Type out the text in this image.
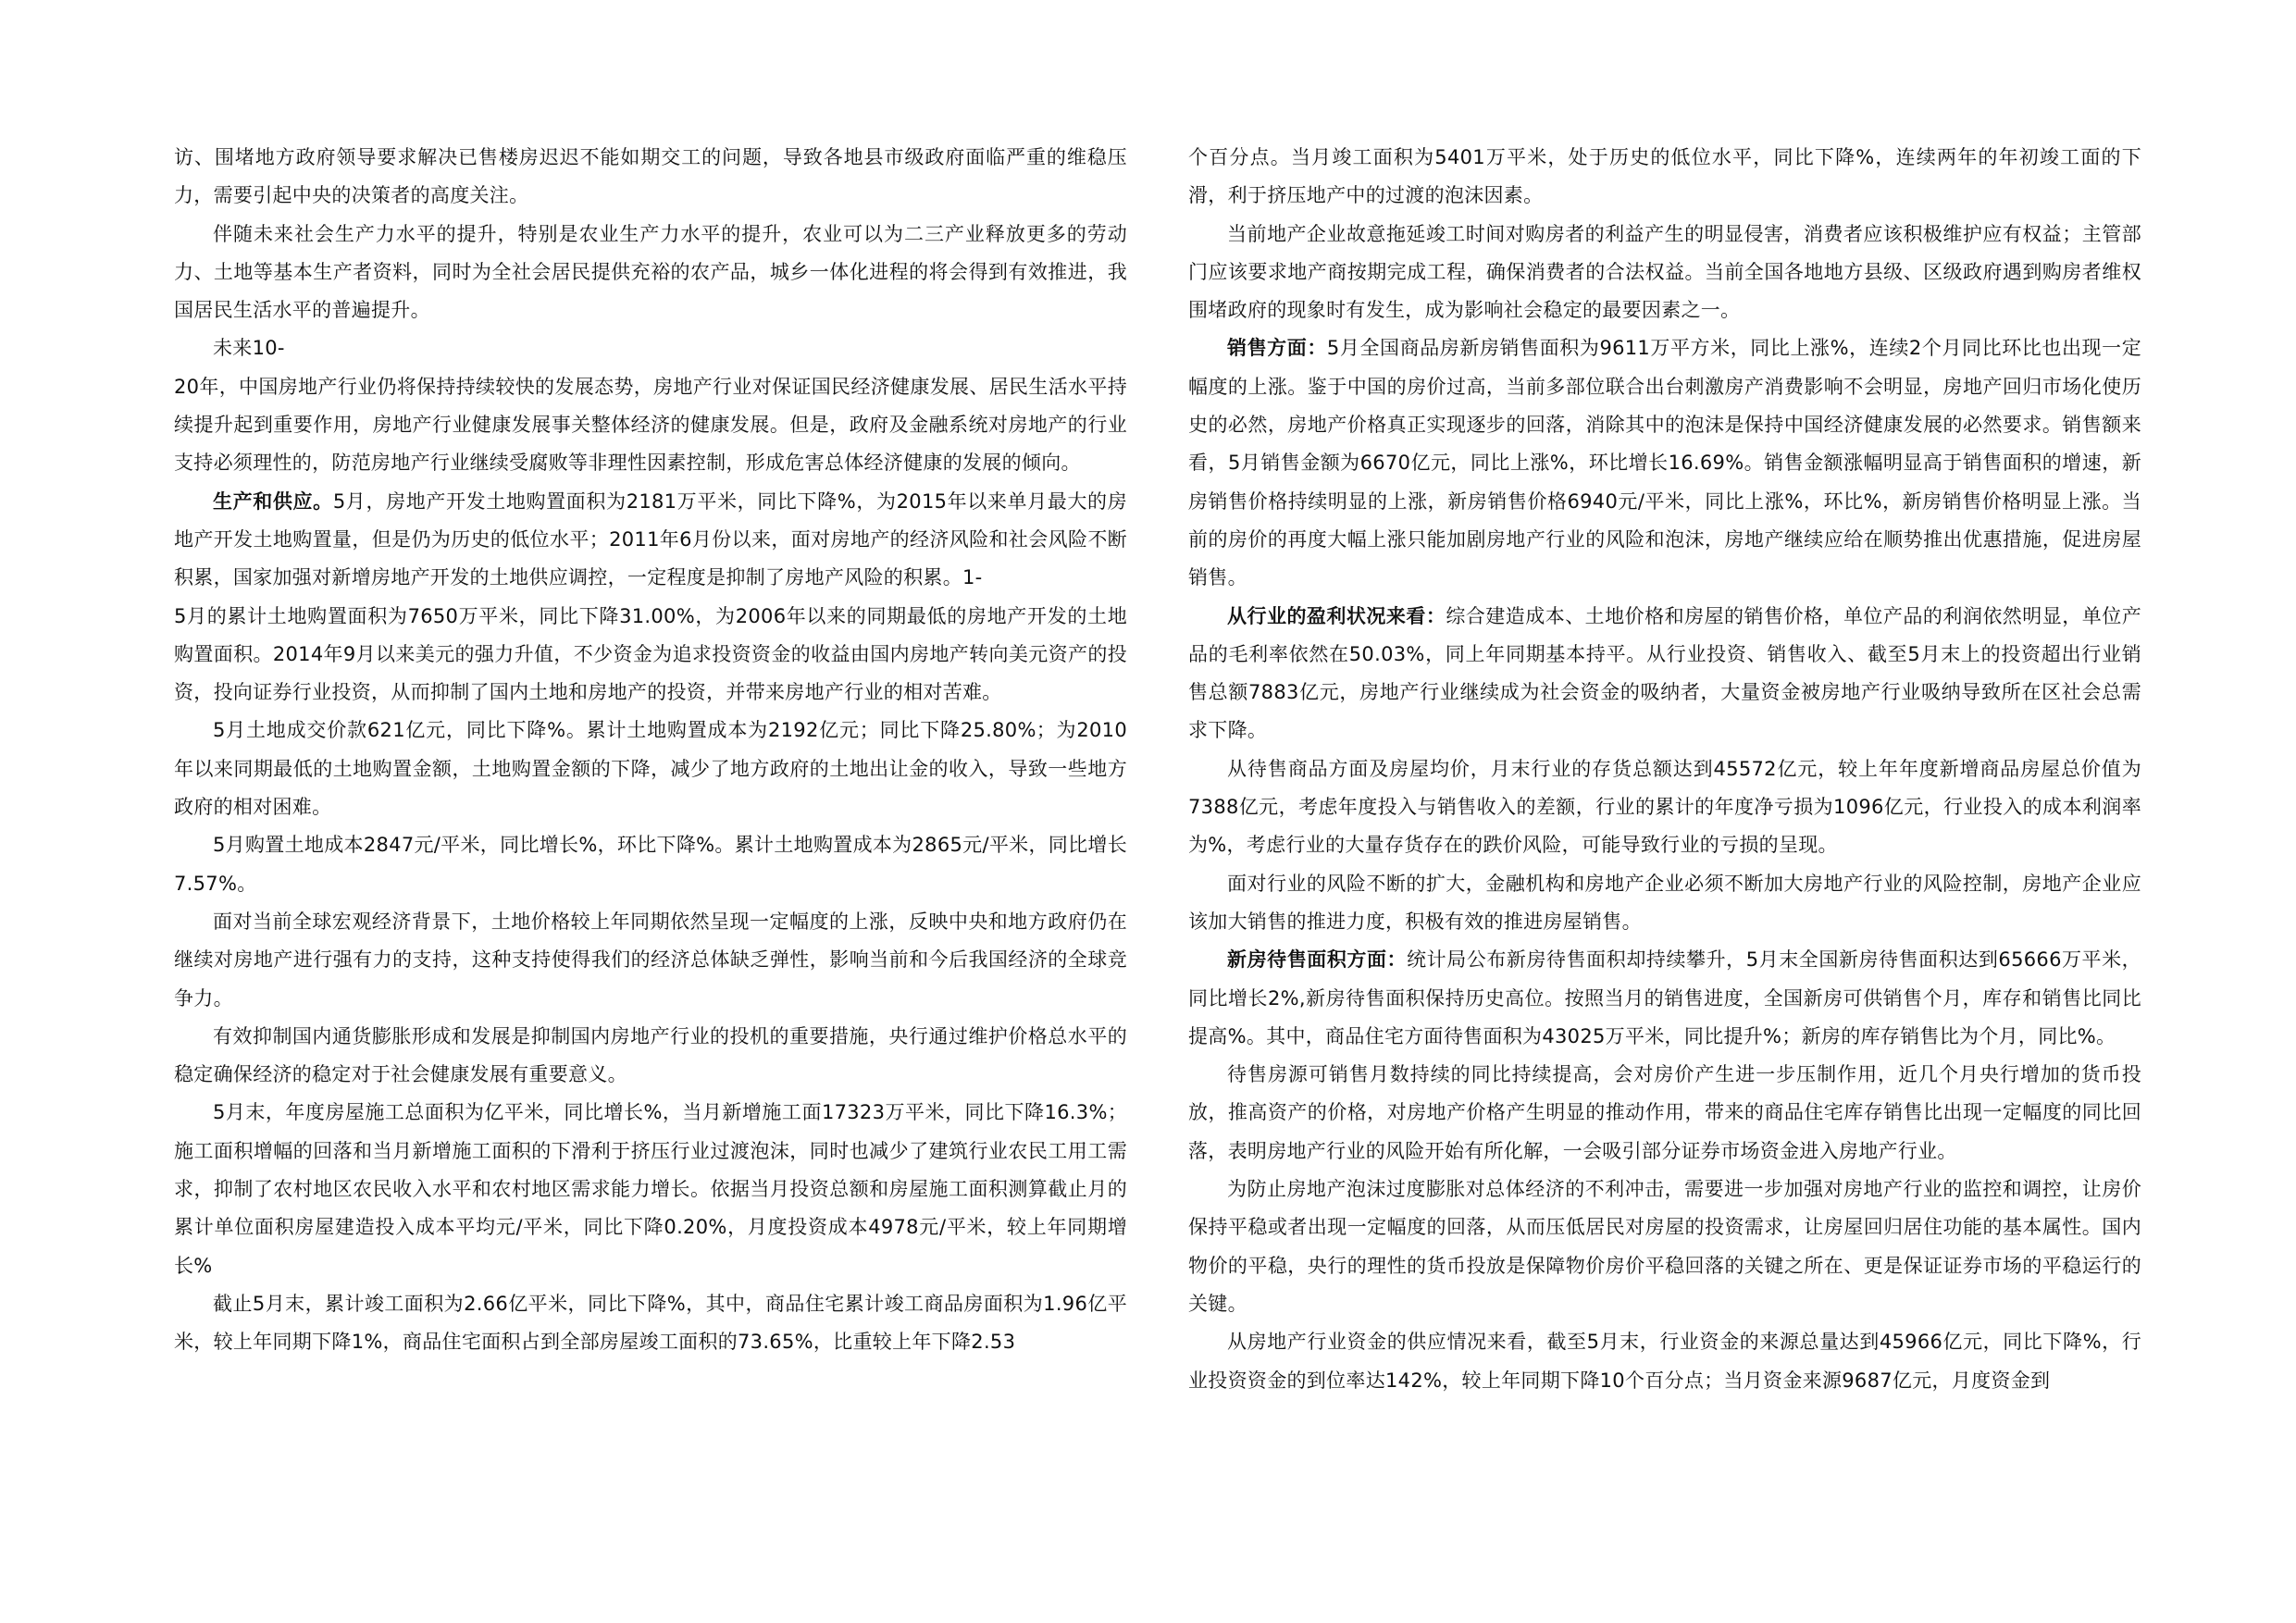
访、围堵地方政府领导要求解决已售楼房迟迟不能如期交工的问题，导致各地县市级政府面临严重的维稳压力，需要引起中央的决策者的高度关注。

伴随未来社会生产力水平的提升，特别是农业生产力水平的提升，农业可以为二三产业释放更多的劳动力、土地等基本生产者资料，同时为全社会居民提供充裕的农产品，城乡一体化进程的将会得到有效推进，我国居民生活水平的普遍提升。

未来10-

20年，中国房地产行业仍将保持持续较快的发展态势，房地产行业对保证国民经济健康发展、居民生活水平持续提升起到重要作用，房地产行业健康发展事关整体经济的健康发展。但是，政府及金融系统对房地产的行业支持必须理性的，防范房地产行业继续受腐败等非理性因素控制，形成危害总体经济健康的发展的倾向。

生产和供应。5月，房地产开发土地购置面积为2181万平米，同比下降%，为2015年以来单月最大的房地产开发土地购置量，但是仍为历史的低位水平；2011年6月份以来，面对房地产的经济风险和社会风险不断积累，国家加强对新增房地产开发的土地供应调控，一定程度是抑制了房地产风险的积累。1-

5月的累计土地购置面积为7650万平米，同比下降31.00%，为2006年以来的同期最低的房地产开发的土地购置面积。2014年9月以来美元的强力升值，不少资金为追求投资资金的收益由国内房地产转向美元资产的投资，投向证券行业投资，从而抑制了国内土地和房地产的投资，并带来房地产行业的相对苦难。

5月土地成交价款621亿元，同比下降%。累计土地购置成本为2192亿元；同比下降25.80%；为2010年以来同期最低的土地购置金额，土地购置金额的下降，减少了地方政府的土地出让金的收入，导致一些地方政府的相对困难。

5月购置土地成本2847元/平米，同比增长%，环比下降%。累计土地购置成本为2865元/平米，同比增长7.57%。

面对当前全球宏观经济背景下，土地价格较上年同期依然呈现一定幅度的上涨，反映中央和地方政府仍在继续对房地产进行强有力的支持，这种支持使得我们的经济总体缺乏弹性，影响当前和今后我国经济的全球竞争力。

有效抑制国内通货膨胀形成和发展是抑制国内房地产行业的投机的重要措施，央行通过维护价格总水平的稳定确保经济的稳定对于社会健康发展有重要意义。

5月末，年度房屋施工总面积为亿平米，同比增长%，当月新增施工面17323万平米，同比下降16.3%；施工面积增幅的回落和当月新增施工面积的下滑利于挤压行业过渡泡沫，同时也减少了建筑行业农民工用工需求，抑制了农村地区农民收入水平和农村地区需求能力增长。依据当月投资总额和房屋施工面积测算截止月的累计单位面积房屋建造投入成本平均元/平米，同比下降0.20%，月度投资成本4978元/平米，较上年同期增长%

截止5月末，累计竣工面积为2.66亿平米，同比下降%，其中，商品住宅累计竣工商品房面积为1.96亿平米，较上年同期下降1%，商品住宅面积占到全部房屋竣工面积的73.65%，比重较上年下降2.53

个百分点。当月竣工面积为5401万平米，处于历史的低位水平，同比下降%，连续两年的年初竣工面的下滑，利于挤压地产中的过渡的泡沫因素。

当前地产企业故意拖延竣工时间对购房者的利益产生的明显侵害，消费者应该积极维护应有权益；主管部门应该要求地产商按期完成工程，确保消费者的合法权益。当前全国各地地方县级、区级政府遇到购房者维权围堵政府的现象时有发生，成为影响社会稳定的最要因素之一。

销售方面：5月全国商品房新房销售面积为9611万平方米，同比上涨%，连续2个月同比环比也出现一定幅度的上涨。鉴于中国的房价过高，当前多部位联合出台刺激房产消费影响不会明显，房地产回归市场化使历史的必然，房地产价格真正实现逐步的回落，消除其中的泡沫是保持中国经济健康发展的必然要求。销售额来看，5月销售金额为6670亿元，同比上涨%，环比增长16.69%。销售金额涨幅明显高于销售面积的增速，新房销售价格持续明显的上涨，新房销售价格6940元/平米，同比上涨%，环比%，新房销售价格明显上涨。当前的房价的再度大幅上涨只能加剧房地产行业的风险和泡沫，房地产继续应给在顺势推出优惠措施，促进房屋销售。

从行业的盈利状况来看：综合建造成本、土地价格和房屋的销售价格，单位产品的利润依然明显，单位产品的毛利率依然在50.03%，同上年同期基本持平。从行业投资、销售收入、截至5月末上的投资超出行业销售总额7883亿元，房地产行业继续成为社会资金的吸纳者，大量资金被房地产行业吸纳导致所在区社会总需求下降。

从待售商品方面及房屋均价，月末行业的存货总额达到45572亿元，较上年年度新增商品房屋总价值为7388亿元，考虑年度投入与销售收入的差额，行业的累计的年度净亏损为1096亿元，行业投入的成本利润率为%，考虑行业的大量存货存在的跌价风险，可能导致行业的亏损的呈现。

面对行业的风险不断的扩大，金融机构和房地产企业必须不断加大房地产行业的风险控制，房地产企业应该加大销售的推进力度，积极有效的推进房屋销售。

新房待售面积方面：统计局公布新房待售面积却持续攀升，5月末全国新房待售面积达到65666万平米，同比增长2%,新房待售面积保持历史高位。按照当月的销售进度，全国新房可供销售个月，库存和销售比同比提高%。其中，商品住宅方面待售面积为43025万平米，同比提升%；新房的库存销售比为个月，同比%。

待售房源可销售月数持续的同比持续提高，会对房价产生进一步压制作用，近几个月央行增加的货币投放，推高资产的价格，对房地产价格产生明显的推动作用，带来的商品住宅库存销售比出现一定幅度的同比回落，表明房地产行业的风险开始有所化解，一会吸引部分证券市场资金进入房地产行业。

为防止房地产泡沫过度膨胀对总体经济的不利冲击，需要进一步加强对房地产行业的监控和调控，让房价保持平稳或者出现一定幅度的回落，从而压低居民对房屋的投资需求，让房屋回归居住功能的基本属性。国内物价的平稳，央行的理性的货币投放是保障物价房价平稳回落的关键之所在、更是保证证券市场的平稳运行的关键。

从房地产行业资金的供应情况来看，截至5月末，行业资金的来源总量达到45966亿元，同比下降%，行业投资资金的到位率达142%，较上年同期下降10个百分点；当月资金来源9687亿元，月度资金到
